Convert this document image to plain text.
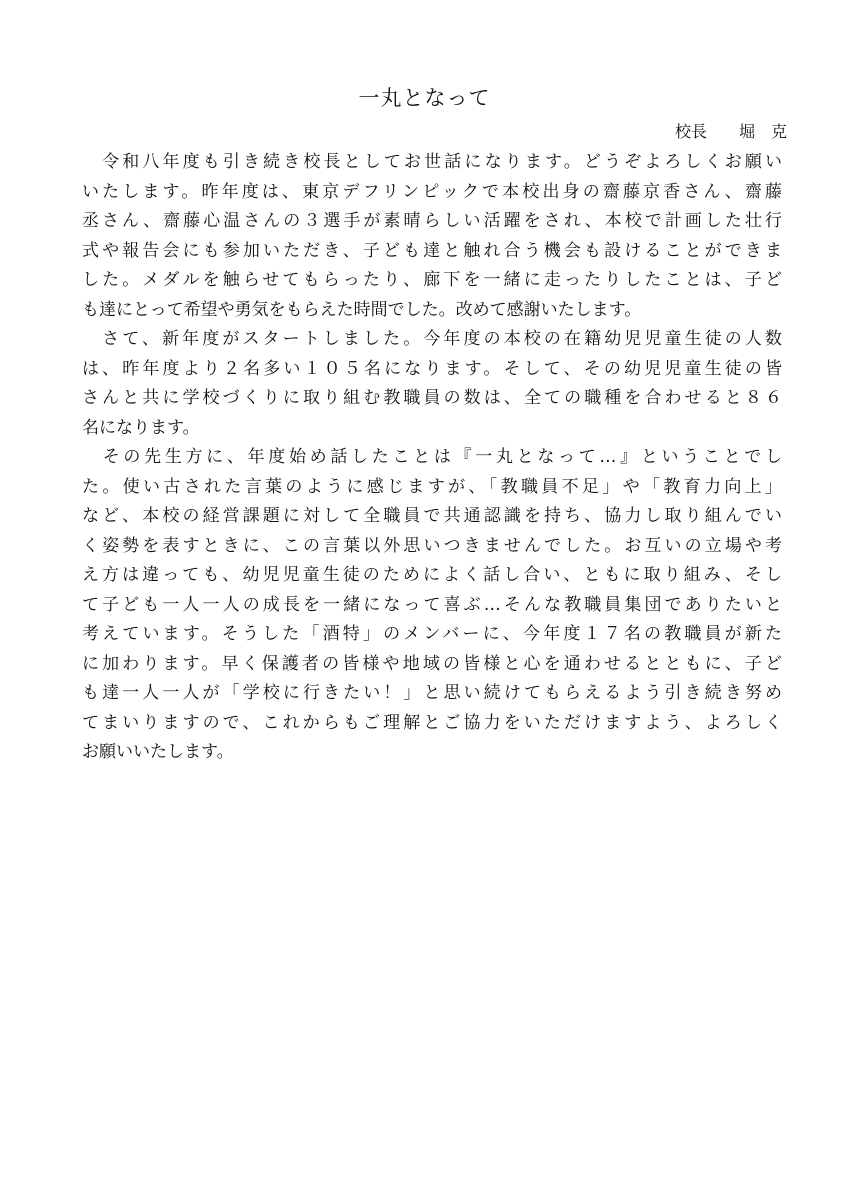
一丸となって
校長　　堀　克
　令和八年度も引き続き校長としてお世話になります。どうぞよろしくお願い
いたします。昨年度は、東京デフリンピックで本校出身の齋藤京香さん、齋藤
丞さん、齋藤心温さんの３選手が素晴らしい活躍をされ、本校で計画した壮行
式や報告会にも参加いただき、子ども達と触れ合う機会も設けることができま
した。メダルを触らせてもらったり、廊下を一緒に走ったりしたことは、子ど
も達にとって希望や勇気をもらえた時間でした。改めて感謝いたします。
　さて、新年度がスタートしました。今年度の本校の在籍幼児児童生徒の人数
は、昨年度より２名多い１０５名になります。そして、その幼児児童生徒の皆
さんと共に学校づくりに取り組む教職員の数は、全ての職種を合わせると８６
名になります。
　その先生方に、年度始め話したことは『一丸となって…』ということでし
た。使い古された言葉のように感じますが、「教職員不足」や「教育力向上」
など、本校の経営課題に対して全職員で共通認識を持ち、協力し取り組んでい
く姿勢を表すときに、この言葉以外思いつきませんでした。お互いの立場や考
え方は違っても、幼児児童生徒のためによく話し合い、ともに取り組み、そし
て子ども一人一人の成長を一緒になって喜ぶ…そんな教職員集団でありたいと
考えています。そうした「酒特」のメンバーに、今年度１７名の教職員が新た
に加わります。早く保護者の皆様や地域の皆様と心を通わせるとともに、子ど
も達一人一人が「学校に行きたい！」と思い続けてもらえるよう引き続き努め
てまいりますので、これからもご理解とご協力をいただけますよう、よろしく
お願いいたします。
